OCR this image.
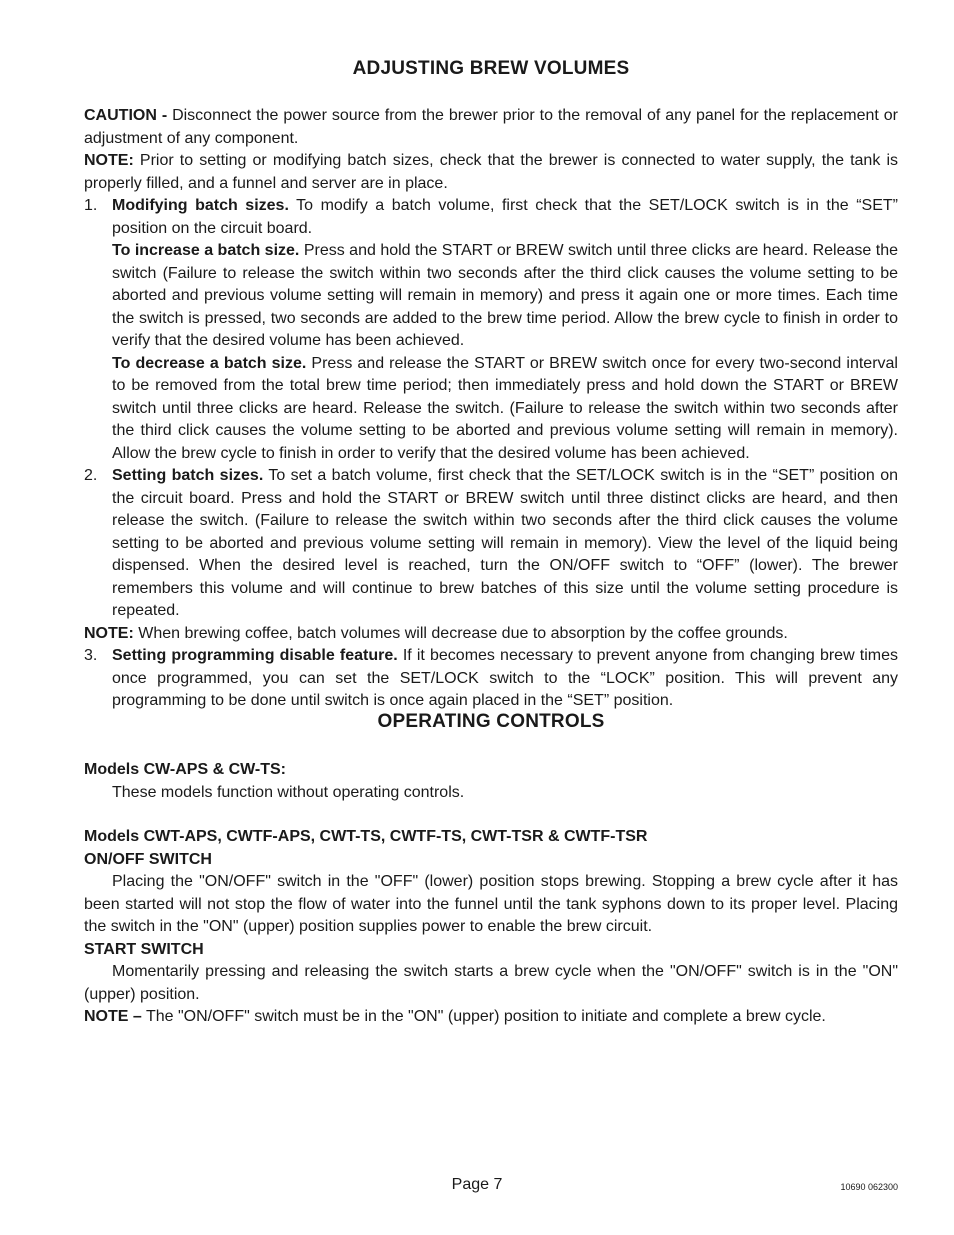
ADJUSTING BREW VOLUMES

CAUTION - Disconnect the power source from the brewer prior to the removal of any panel for the replacement or adjustment of any component.

NOTE: Prior to setting or modifying batch sizes, check that the brewer is connected to water supply, the tank is properly filled, and a funnel and server are in place.

1. Modifying batch sizes. To modify a batch volume, first check that the SET/LOCK switch is in the “SET” position on the circuit board.

To increase a batch size. Press and hold the START or BREW switch until three clicks are heard. Release the switch (Failure to release the switch within two seconds after the third click causes the volume setting to be aborted and previous volume setting will remain in memory) and press it again one or more times. Each time the switch is pressed, two seconds are added to the brew time period. Allow the brew cycle to finish in order to verify that the desired volume has been achieved.

To decrease a batch size. Press and release the START or BREW switch once for every two-second interval to be removed from the total brew time period; then immediately press and hold down the START or BREW switch until three clicks are heard. Release the switch. (Failure to release the switch within two seconds after the third click causes the volume setting to be aborted and previous volume setting will remain in memory). Allow the brew cycle to finish in order to verify that the desired volume has been achieved.

2. Setting batch sizes. To set a batch volume, first check that the SET/LOCK switch is in the “SET” position on the circuit board. Press and hold the START or BREW switch until three distinct clicks are heard, and then release the switch. (Failure to release the switch within two seconds after the third click causes the volume setting to be aborted and previous volume setting will remain in memory). View the level of the liquid being dispensed. When the desired level is reached, turn the ON/OFF switch to “OFF” (lower). The brewer remembers this volume and will continue to brew batches of this size until the volume setting procedure is repeated.

NOTE: When brewing coffee, batch volumes will decrease due to absorption by the coffee grounds.

3. Setting programming disable feature. If it becomes necessary to prevent anyone from changing brew times once programmed, you can set the SET/LOCK switch to the “LOCK” position. This will prevent any programming to be done until switch is once again placed in the “SET” position.

OPERATING CONTROLS

Models CW-APS & CW-TS:

These models function without operating controls.

Models CWT-APS, CWTF-APS, CWT-TS, CWTF-TS, CWT-TSR & CWTF-TSR

ON/OFF SWITCH

Placing the "ON/OFF" switch in the "OFF" (lower) position stops brewing. Stopping a brew cycle after it has been started will not stop the flow of water into the funnel until the tank syphons down to its proper level. Placing the switch in the "ON" (upper) position supplies power to enable the brew circuit.

START SWITCH

Momentarily pressing and releasing the switch starts a brew cycle when the "ON/OFF" switch is in the "ON" (upper) position.

NOTE – The "ON/OFF" switch must be in the "ON" (upper) position to initiate and complete a brew cycle.

Page 7	10690 062300
